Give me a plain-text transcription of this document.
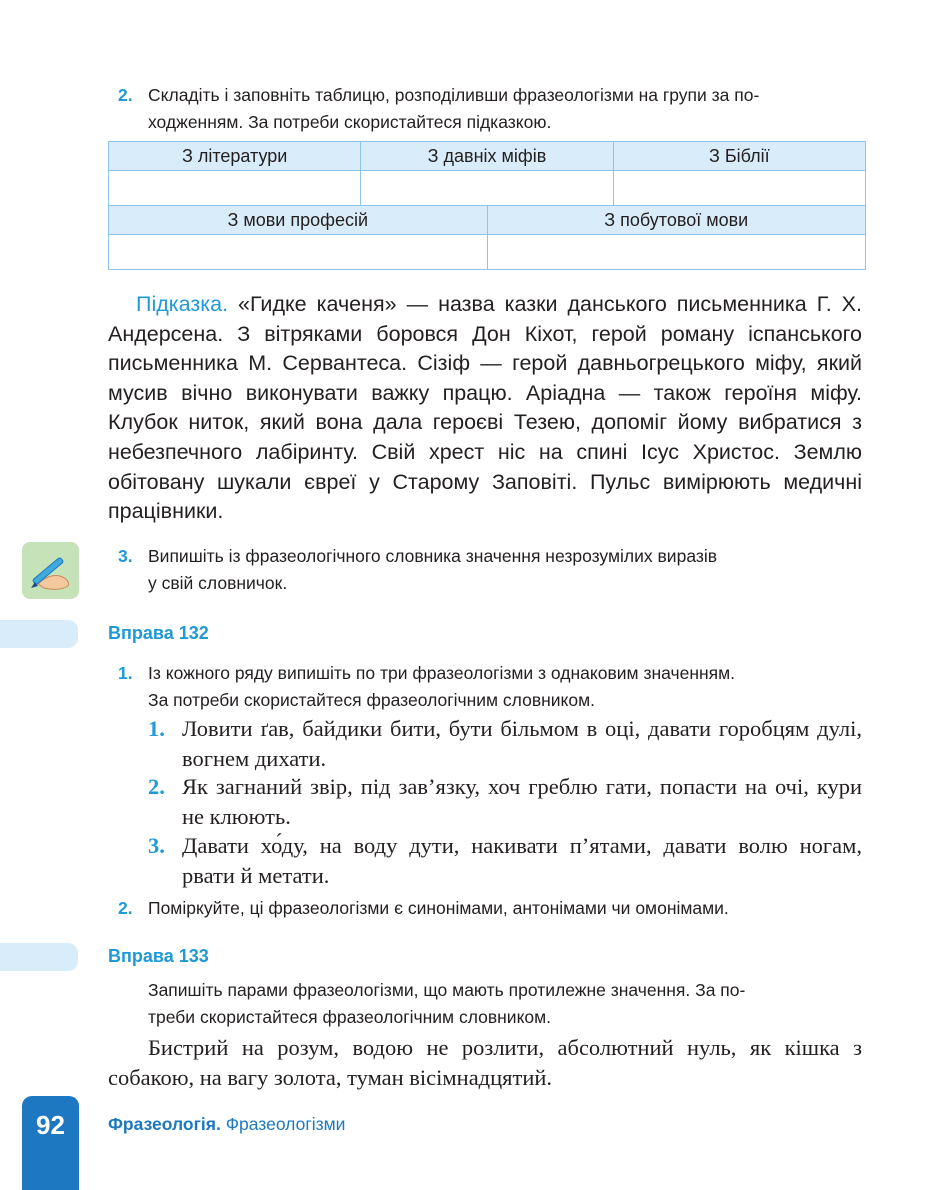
2. Складіть і заповніть таблицю, розподіливши фразеологізми на групи за по-

ходженням. За потреби скористайтеся підказкою.

З літератури	З давніх міфів	З Біблії

З мови професій	З побутової мови

Підказка. «Гидке каченя» — назва казки данського письменника Г. Х. Андерсена. З вітряками боровся Дон Кіхот, герой роману іспанського письменника М. Сервантеса. Сізіф — герой давньогрецького міфу, який мусив вічно виконувати важку працю. Аріадна — також героїня міфу. Клубок ниток, який вона дала героєві Тезею, допоміг йому вибратися з небезпечного лабіринту. Свій хрест ніс на спині Ісус Христос. Землю обітовану шукали євреї у Старому Заповіті. Пульс вимірюють медичні працівники.
3. Випишіть із фразеологічного словника значення незрозумілих виразів

у свій словничок.

Вправа 132
1. Із кожного ряду випишіть по три фразеологізми з однаковим значенням.

За потреби скористайтеся фразеологічним словником.

1. Ловити ґав, байдики бити, бути більмом в оці, давати горобцям дулі, вогнем дихати.
2. Як загнаний звір, під зав’язку, хоч греблю гати, попасти на очі, кури не клюють.
3. Давати хо́ду, на воду дути, накивати п’ятами, давати волю ногам, рвати й метати.
2. Поміркуйте, ці фразеологізми є синонімами, антонімами чи омонімами.

Вправа 133

Запишіть парами фразеологізми, що мають протилежне значення. За по-

треби скористайтеся фразеологічним словником.

Бистрий на розум, водою не розлити, абсолютний нуль, як кішка з собакою, на вагу золота, туман вісімнадцятий.
92	Фразеологія. Фразеологізми
